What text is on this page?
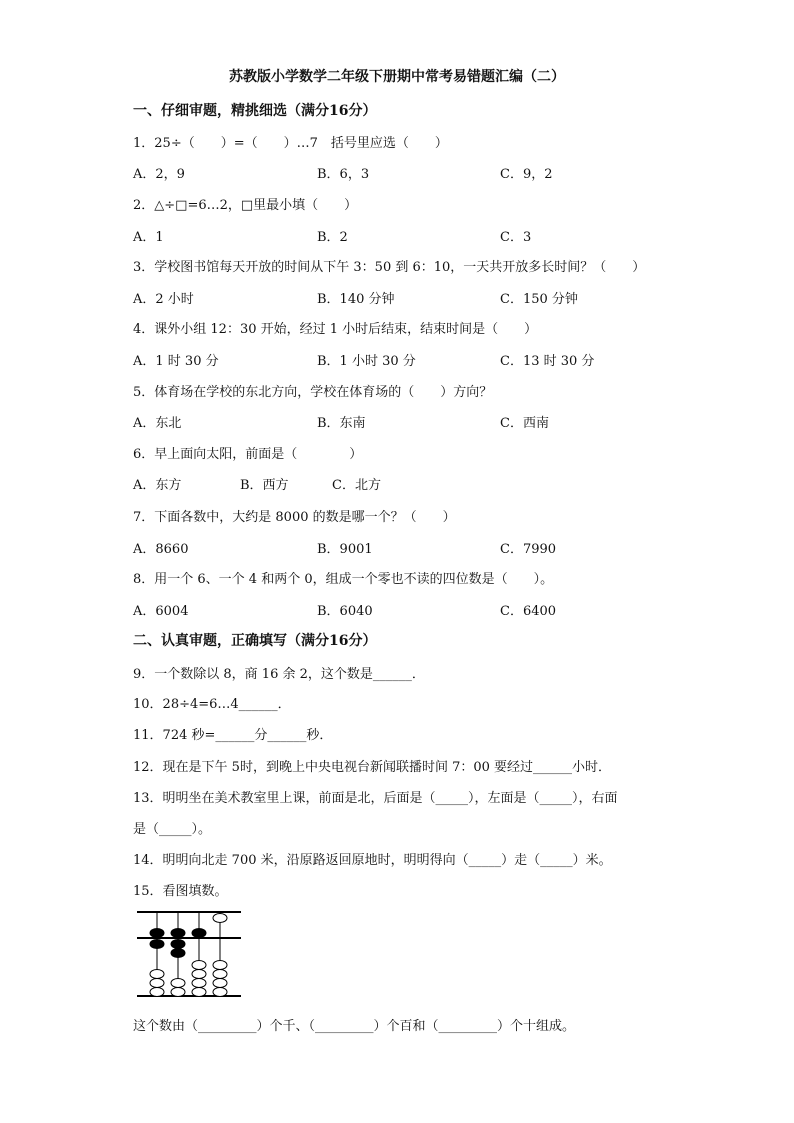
苏教版小学数学二年级下册期中常考易错题汇编（二）
一、仔细审题，精挑细选（满分16分）
1．25÷（　　）=（　　）…7　括号里应选（　　）
A．2，9	B．6，3	C．9，2
2．△÷□=6…2，□里最小填（　　）
A．1	B．2	C．3
3．学校图书馆每天开放的时间从下午 3：50 到 6：10，一天共开放多长时间？（　　）
A．2 小时	B．140 分钟	C．150 分钟
4．课外小组 12：30 开始，经过 1 小时后结束，结束时间是（　　）
A．1 时 30 分	B．1 小时 30 分	C．13 时 30 分
5．体育场在学校的东北方向，学校在体育场的（　　）方向？
A．东北	B．东南	C．西南
6．早上面向太阳，前面是（　　　　）
A．东方	B．西方	C．北方
7．下面各数中，大约是 8000 的数是哪一个？（　　）
A．8660	B．9001	C．7990
8．用一个 6、一个 4 和两个 0，组成一个零也不读的四位数是（　　）。
A．6004	B．6040	C．6400
二、认真审题，正确填写（满分16分）
9．一个数除以 8，商 16 余 2，这个数是______．
10．28÷4=6…4______．
11．724 秒=______分______秒．
12．现在是下午 5时，到晚上中央电视台新闻联播时间 7：00 要经过______小时．
13．明明坐在美术教室里上课，前面是北，后面是（_____），左面是（_____），右面
是（_____）。
14．明明向北走 700 米，沿原路返回原地时，明明得向（_____）走（_____）米。
15．看图填数。
这个数由（_________）个千、（_________）个百和（_________）个十组成。
